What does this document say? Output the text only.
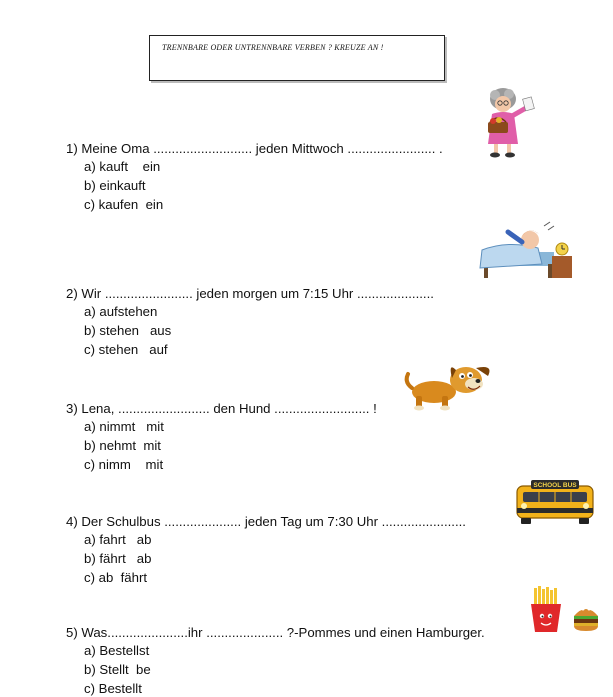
TRENNBARE ODER UNTRENNBARE VERBEN ? KREUZE AN !
1) Meine Oma ........................... jeden Mittwoch ........................ .
a) kauft    ein
b) einkauft
c) kaufen  ein
2) Wir ........................ jeden morgen um 7:15 Uhr .....................
a) aufstehen
b) stehen   aus
c) stehen   auf
3) Lena, ......................... den Hund .......................... !
a) nimmt   mit
b) nehmt  mit
c) nimm    mit
4) Der Schulbus ..................... jeden Tag um 7:30 Uhr .......................
a) fahrt   ab
b) fährt   ab
c) ab  fährt
5) Was......................ihr ..................... ?-Pommes und einen Hamburger.
a) Bestellst
b) Stellt  be
c) Bestellt
SCHOOL BUS
